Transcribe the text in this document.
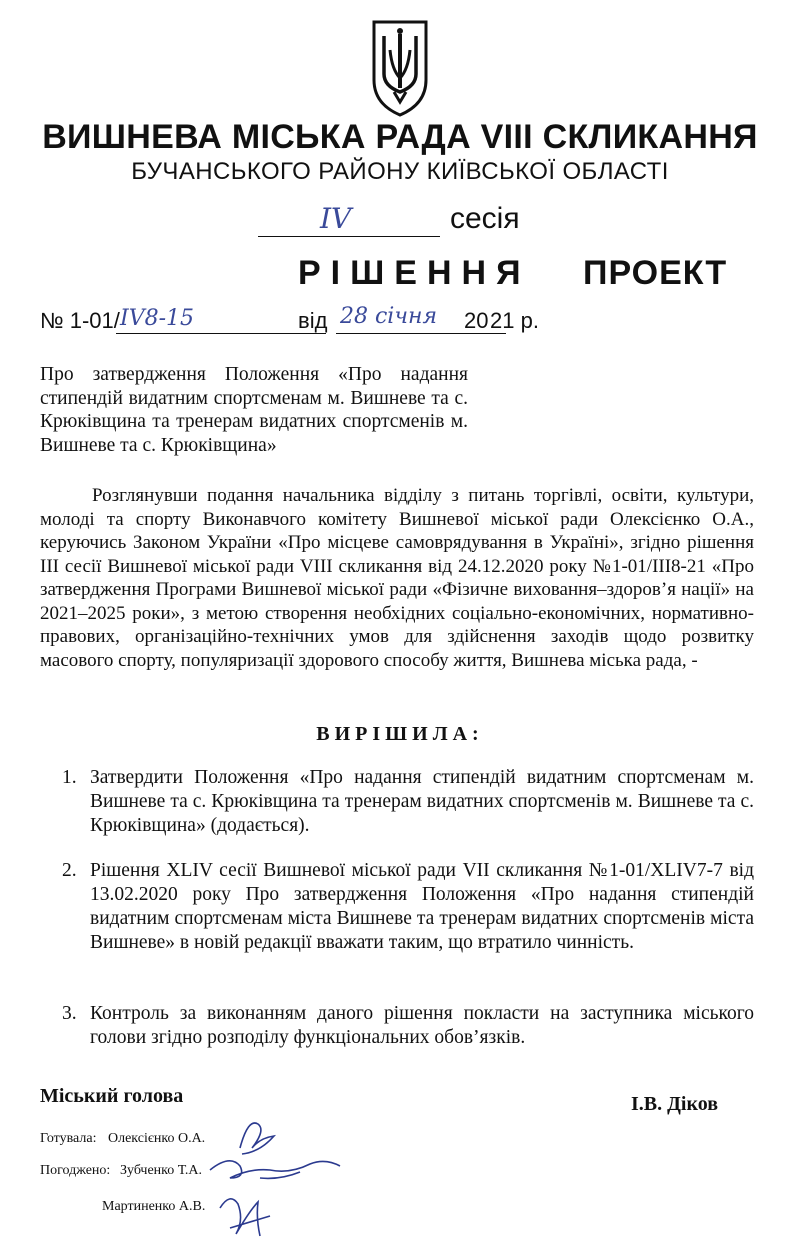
ВИШНЕВА МІСЬКА РАДА VIII СКЛИКАННЯ
БУЧАНСЬКОГО РАЙОНУ КИЇВСЬКОЇ ОБЛАСТІ
IV	сесія
РІШЕННЯ ПРОЕКТ
№ 1-01/ IV8-15	від 28 січня 20 21 р.
Про затвердження Положення «Про надання стипендій видатним спортсменам м. Вишневе та с. Крюківщина та тренерам видатних спортсменів м. Вишневе та с. Крюківщина»
Розглянувши подання начальника відділу з питань торгівлі, освіти, культури, молоді та спорту Виконавчого комітету Вишневої міської ради Олексієнко О.А., керуючись Законом України «Про місцеве самоврядування в Україні», згідно рішення III сесії Вишневої міської ради VIII скликання від 24.12.2020 року №1-01/III8-21 «Про затвердження Програми Вишневої міської ради «Фізичне виховання–здоров’я нації» на 2021–2025 роки», з метою створення необхідних соціально-економічних, нормативно-правових, організаційно-технічних умов для здійснення заходів щодо розвитку масового спорту, популяризації здорового способу життя, Вишнева міська рада, -
ВИРІШИЛА:
1. Затвердити Положення «Про надання стипендій видатним спортсменам м. Вишневе та с. Крюківщина та тренерам видатних спортсменів м. Вишневе та с. Крюківщина» (додається).
2. Рішення XLIV сесії Вишневої міської ради VII скликання №1-01/XLIV7-7 від 13.02.2020 року Про затвердження Положення «Про надання стипендій видатним спортсменам міста Вишневе та тренерам видатних спортсменів міста Вишневе» в новій редакції вважати таким, що втратило чинність.
3. Контроль за виконанням даного рішення покласти на заступника міського голови згідно розподілу функціональних обов’язків.
Міський голова	І.В. Діков
Готувала: Олексієнко О.А.
Погоджено: Зубченко Т.А.
Мартиненко А.В.
